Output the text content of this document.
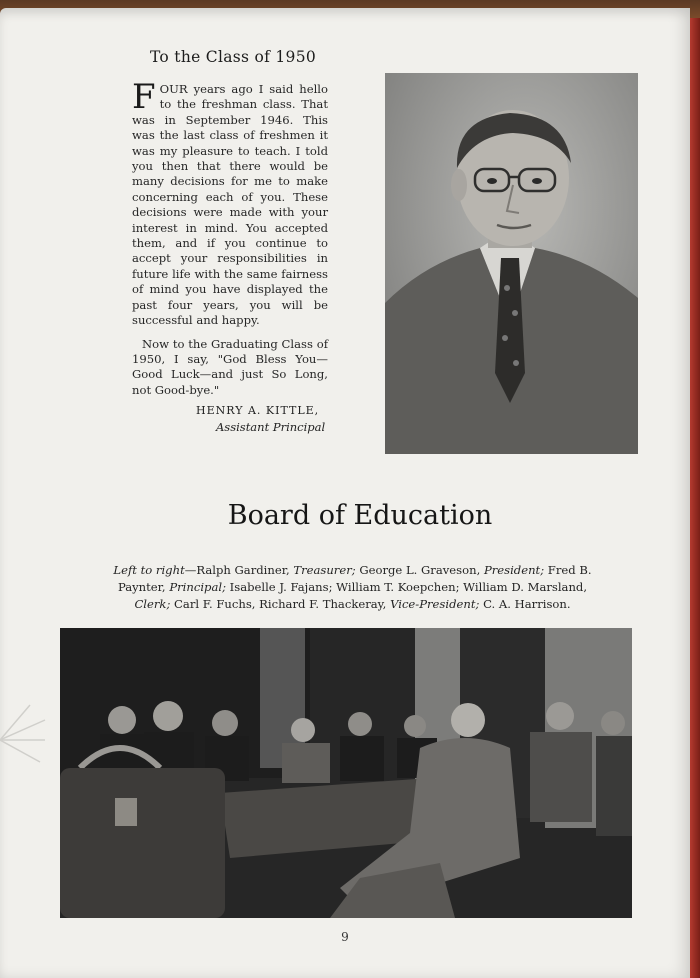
To the Class of 1950

FOUR years ago I said hello to the freshman class. That was in September 1946. This was the last class of freshmen it was my pleasure to teach. I told you then that there would be many decisions for me to make concerning each of you. These decisions were made with your interest in mind. You accepted them, and if you continue to accept your responsibilities in future life with the same fairness of mind you have displayed the past four years, you will be successful and happy.

Now to the Graduating Class of 1950, I say, "God Bless You—Good Luck—and just So Long, not Good-bye."

HENRY A. KITTLE,
Assistant Principal
Board of Education
Left to right—Ralph Gardiner, Treasurer; George L. Graveson, President; Fred B. Paynter, Principal; Isabelle J. Fajans; William T. Koepchen; William D. Marsland, Clerk; Carl F. Fuchs, Richard F. Thackeray, Vice-President; C. A. Harrison.
9
